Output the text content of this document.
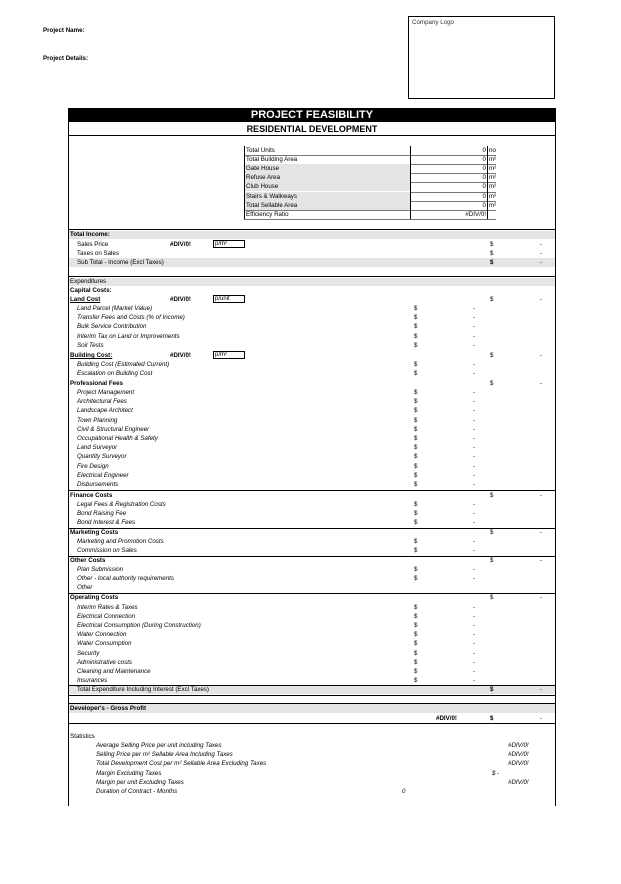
Project Name:
Project Details:
Company Logo
PROJECT FEASIBILITY
RESIDENTIAL DEVELOPMENT
Total Units	0 no
Total Building Area	0 m²
Gate House	0 m²
Refuse Area	0 m²
Club House	0 m²
Stairs & Walkways	0 m²
Total Sellable Area	0 m²
Efficiency Ratio	#DIV/0!
Total Income:
Sales Price	#DIV/0!	p/m²	$	-
Taxes on Sales	$	-
Sub Total - Income (Excl Taxes)	$	-
Expenditures
Capital Costs:
Land Cost	#DIV/0!	p/unit	$	-
Land Parcel (Market Value)	$	-
Transfer Fees and Costs (% of Income)	$	-
Bulk Service Contribution	$	-
Interim Tax on Land or Improvements	$	-
Soil Tests	$	-
Building Cost:	#DIV/0!	p/m²	$	-
Building Cost (Estimated Current)	$	-
Escalation on Building Cost	$	-
Professional Fees	$	-
Project Management	$	-
Architectural Fees	$	-
Landscape Architect	$	-
Town Planning	$	-
Civil & Structural Engineer	$	-
Occupational Health & Safety	$	-
Land Surveyor	$	-
Quantity Surveyor	$	-
Fire Design	$	-
Electrical Engineer	$	-
Disbursements	$	-
Finance Costs	$	-
Legal Fees & Registration Costs	$	-
Bond Raising Fee	$	-
Bond Interest & Fees	$	-
Marketing Costs	$	-
Marketing and Promotion Costs	$	-
Commission on Sales	$	-
Other Costs	$	-
Plan Submission	$	-
Other - local authority requirements	$	-
Other
Operating Costs	$	-
Interim Rates & Taxes	$	-
Electrical Connection	$	-
Electrical Consumption (During Construction)	$	-
Water Connection	$	-
Water Consumption	$	-
Security	$	-
Administrative costs	$	-
Cleaning and Maintenance	$	-
Insurances	$	-
Total Expenditure Including Interest (Excl Taxes)	$	-
Developer's - Gross Profit
#DIV/0!	$	-
Statistics
Average Selling Price per unit including Taxes	#DIV/0!
Selling Price per m² Sellable Area Including Taxes	#DIV/0!
Total Development Cost per m² Sellable Area Excluding Taxes	#DIV/0!
Margin Excluding Taxes	$ -
Margin per unit Excluding Taxes	#DIV/0!
Duration of Contract - Months	0
